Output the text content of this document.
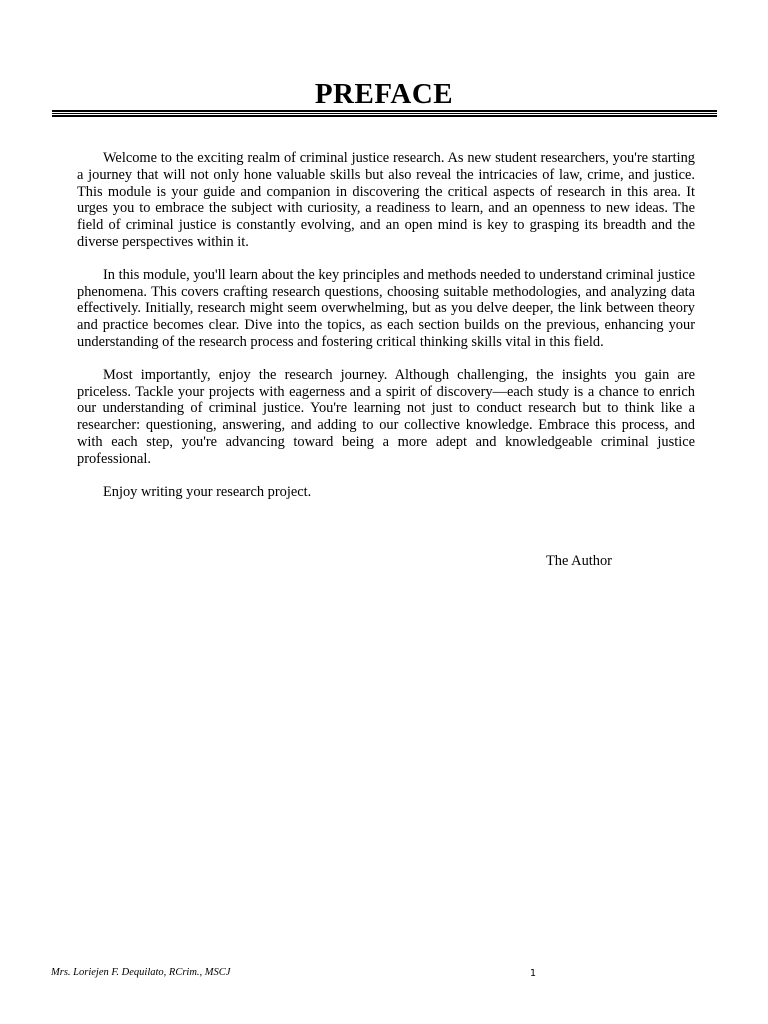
PREFACE

Welcome to the exciting realm of criminal justice research. As new student researchers, you're starting a journey that will not only hone valuable skills but also reveal the intricacies of law, crime, and justice. This module is your guide and companion in discovering the critical aspects of research in this area. It urges you to embrace the subject with curiosity, a readiness to learn, and an openness to new ideas. The field of criminal justice is constantly evolving, and an open mind is key to grasping its breadth and the diverse perspectives within it.

In this module, you'll learn about the key principles and methods needed to understand criminal justice phenomena. This covers crafting research questions, choosing suitable methodologies, and analyzing data effectively. Initially, research might seem overwhelming, but as you delve deeper, the link between theory and practice becomes clear. Dive into the topics, as each section builds on the previous, enhancing your understanding of the research process and fostering critical thinking skills vital in this field.

Most importantly, enjoy the research journey. Although challenging, the insights you gain are priceless. Tackle your projects with eagerness and a spirit of discovery—each study is a chance to enrich our understanding of criminal justice. You're learning not just to conduct research but to think like a researcher: questioning, answering, and adding to our collective knowledge. Embrace this process, and with each step, you're advancing toward being a more adept and knowledgeable criminal justice professional.

Enjoy writing your research project.

The Author
Mrs. Loriejen F. Dequilato, RCrim., MSCJ	1
